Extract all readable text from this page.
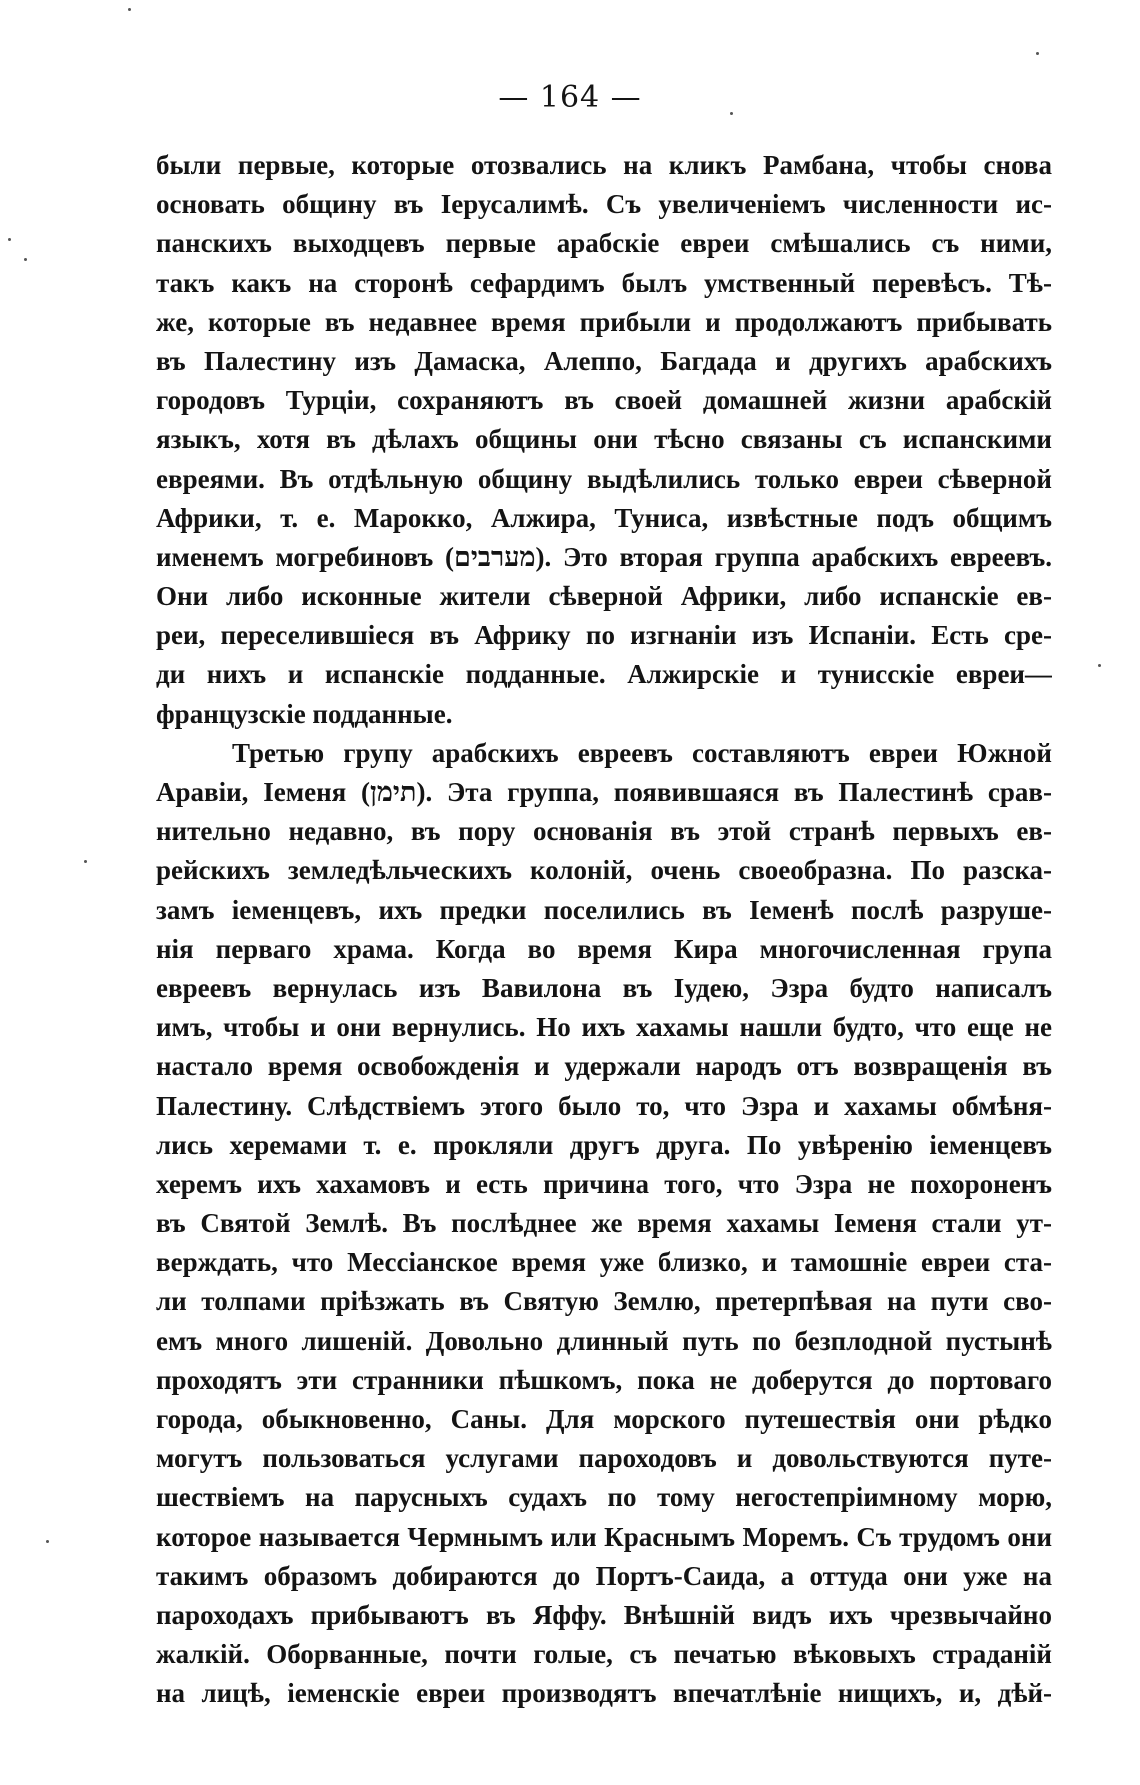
— 164 —
были первые, которые отозвались на кликъ Рамбана, чтобы снова
основать общину въ Іерусалимѣ. Съ увеличеніемъ численности ис-
панскихъ выходцевъ первые арабскіе евреи смѣшались съ ними,
такъ какъ на сторонѣ сефардимъ былъ умственный перевѣсъ. Тѣ-
же, которые въ недавнее время прибыли и продолжаютъ прибывать
въ Палестину изъ Дамаска, Алеппо, Багдада и другихъ арабскихъ
городовъ Турціи, сохраняютъ въ своей домашней жизни арабскій
языкъ, хотя въ дѣлахъ общины они тѣсно связаны съ испанскими
евреями. Въ отдѣльную общину выдѣлились только евреи сѣверной
Африки, т. е. Марокко, Алжира, Туниса, извѣстные подъ общимъ
именемъ могребиновъ (מערבים). Это вторая группа арабскихъ евреевъ.
Они либо исконные жители сѣверной Африки, либо испанскіе ев-
реи, переселившіеся въ Африку по изгнаніи изъ Испаніи. Есть сре-
ди нихъ и испанскіе подданные. Алжирскіе и тунисскіе евреи—
французскіе подданные.
Третью групу арабскихъ евреевъ составляютъ евреи Южной
Аравіи, Іеменя (תימן). Эта группа, появившаяся въ Палестинѣ срав-
нительно недавно, въ пору основанія въ этой странѣ первыхъ ев-
рейскихъ земледѣльческихъ колоній, очень своеобразна. По разска-
замъ іеменцевъ, ихъ предки поселились въ Іеменѣ послѣ разруше-
нія перваго храма. Когда во время Кира многочисленная група
евреевъ вернулась изъ Вавилона въ Іудею, Эзра будто написалъ
имъ, чтобы и они вернулись. Но ихъ хахамы нашли будто, что еще не
настало время освобожденія и удержали народъ отъ возвращенія въ
Палестину. Слѣдствіемъ этого было то, что Эзра и хахамы обмѣня-
лись херемами т. е. прокляли другъ друга. По увѣренію іеменцевъ
херемъ ихъ хахамовъ и есть причина того, что Эзра не похороненъ
въ Святой Землѣ. Въ послѣднее же время хахамы Іеменя стали ут-
верждать, что Мессіанское время уже близко, и тамошніе евреи ста-
ли толпами пріѣзжать въ Святую Землю, претерпѣвая на пути сво-
емъ много лишеній. Довольно длинный путь по безплодной пустынѣ
проходятъ эти странники пѣшкомъ, пока не доберутся до портоваго
города, обыкновенно, Саны. Для морского путешествія они рѣдко
могутъ пользоваться услугами пароходовъ и довольствуются путе-
шествіемъ на парусныхъ судахъ по тому негостепріимному морю,
которое называется Чермнымъ или Краснымъ Моремъ. Съ трудомъ они
такимъ образомъ добираются до Портъ-Саида, а оттуда они уже на
пароходахъ прибываютъ въ Яффу. Внѣшній видъ ихъ чрезвычайно
жалкій. Оборванные, почти голые, съ печатью вѣковыхъ страданій
на лицѣ, іеменскіе евреи производятъ впечатлѣніе нищихъ, и, дѣй-
